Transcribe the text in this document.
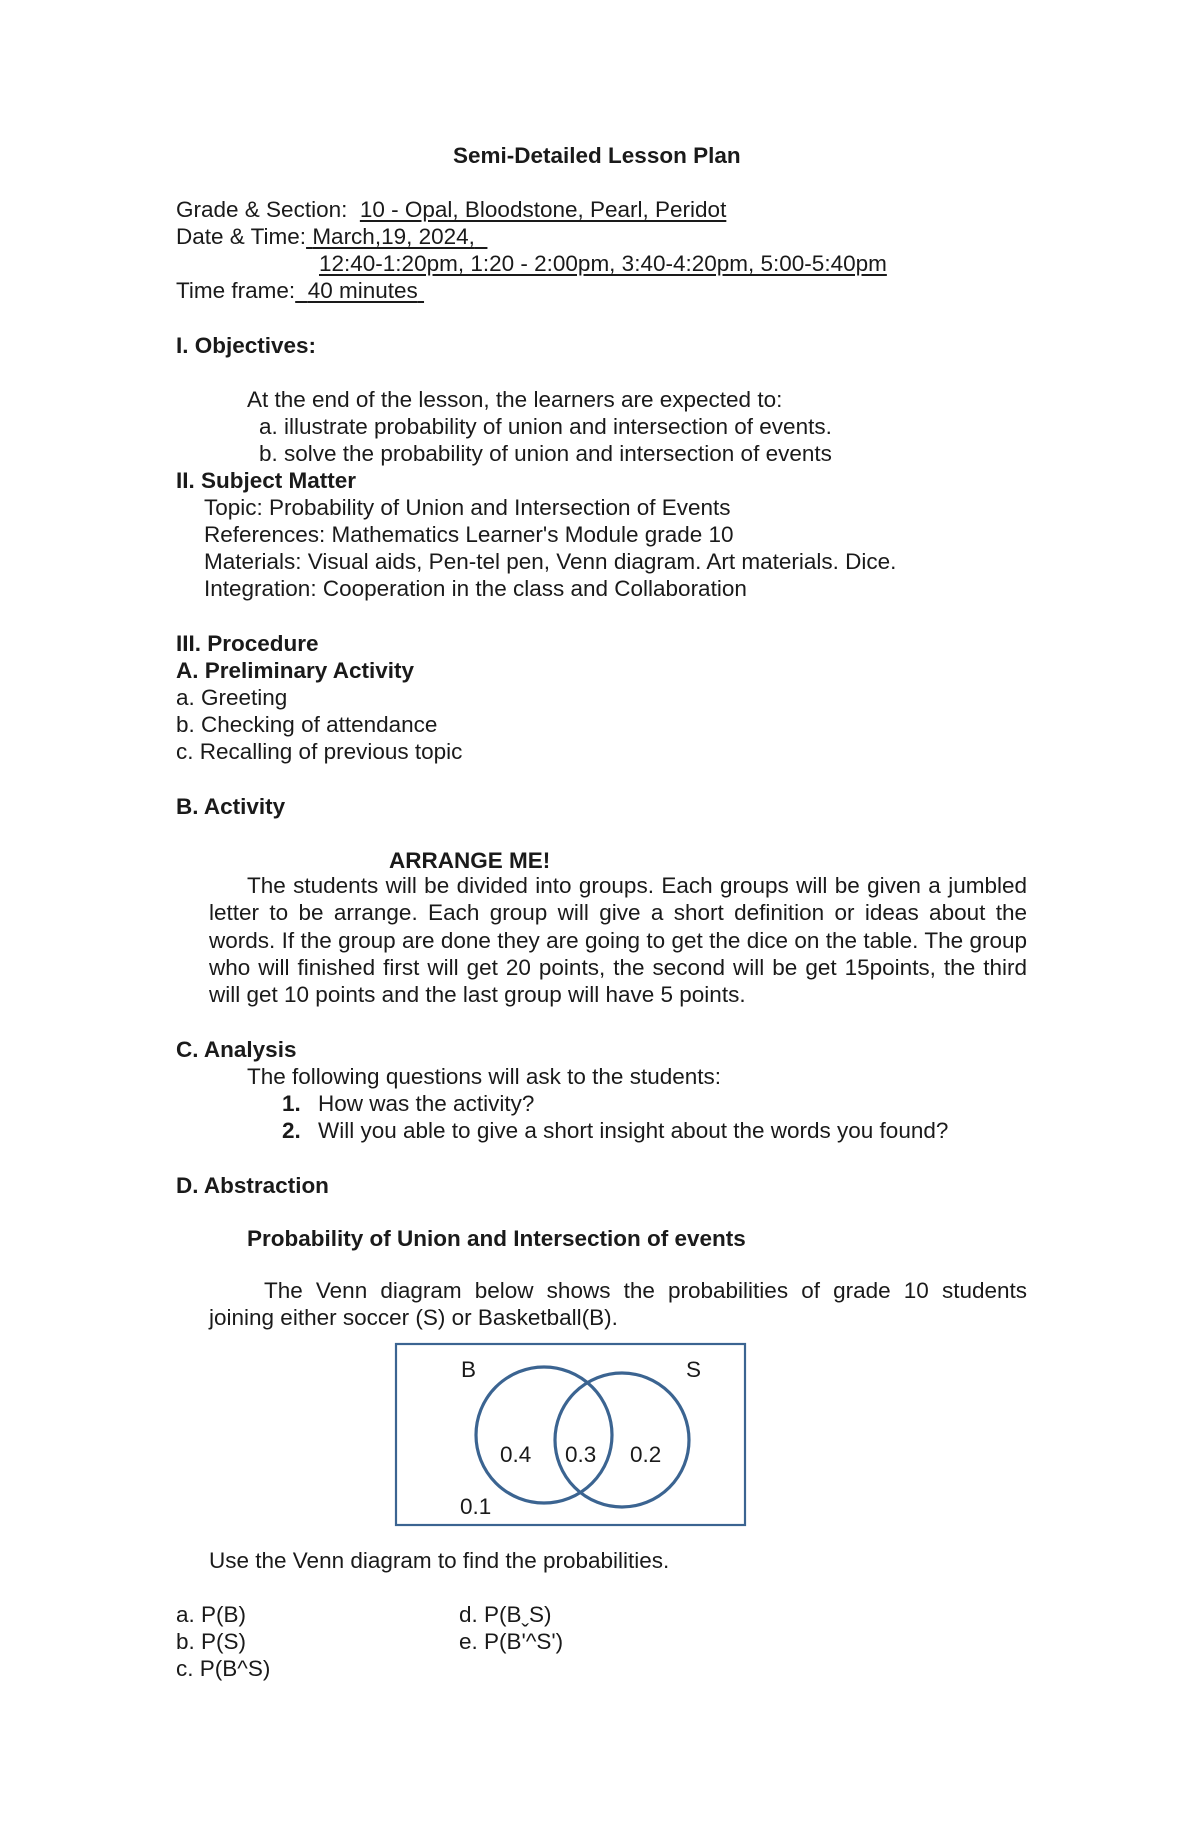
Semi-Detailed Lesson Plan
Grade & Section: 10 - Opal, Bloodstone, Pearl, Peridot
Date & Time: March,19, 2024,
12:40-1:20pm, 1:20 - 2:00pm, 3:40-4:20pm, 5:00-5:40pm
Time frame: 40 minutes
I. Objectives:
At the end of the lesson, the learners are expected to:
a. illustrate probability of union and intersection of events.
b. solve the probability of union and intersection of events
II. Subject Matter
Topic: Probability of Union and Intersection of Events
References: Mathematics Learner's Module grade 10
Materials: Visual aids, Pen-tel pen, Venn diagram. Art materials. Dice.
Integration: Cooperation in the class and Collaboration
III. Procedure
A. Preliminary Activity
a. Greeting
b. Checking of attendance
c. Recalling of previous topic
B. Activity
ARRANGE ME!
The students will be divided into groups. Each groups will be given a jumbled letter to be arrange. Each group will give a short definition or ideas about the words. If the group are done they are going to get the dice on the table. The group who will finished first will get 20 points, the second will be get 15points, the third will get 10 points and the last group will have 5 points.
C. Analysis
The following questions will ask to the students:
1. How was the activity?
2. Will you able to give a short insight about the words you found?
D. Abstraction
Probability of Union and Intersection of events
The Venn diagram below shows the probabilities of grade 10 students joining either soccer (S) or Basketball(B).
B	S
0.4 0.3 0.2
0.1
Use the Venn diagram to find the probabilities.
a. P(B)
b. P(S)
c. P(B^S)
d. P(BˬS)
e. P(B'^S')
